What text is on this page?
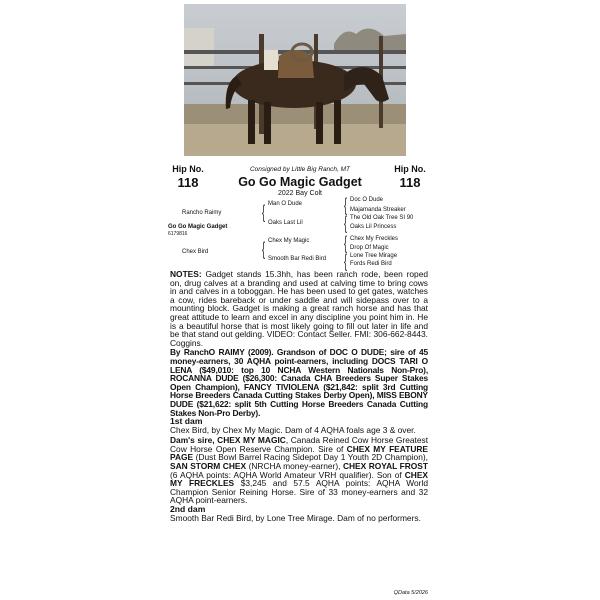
Hip No.
118
Consigned by Little Big Ranch, MT
Go Go Magic Gadget
2022 Bay Colt
Hip No.
118
Rancho Raimy
Go Go Magic Gadget
6179816
Chex Bird
{ Man O Dude
Oaks Last Lil
{ Chex My Magic
Smooth Bar Redi Bird
{ Doc O Dude
Majamanda Streaker
{ The Old Oak Tree SI 90
Oaks Lil Princess
{ Chex My Freckles
Drop Of Magic
{ Lone Tree Mirage
Fords Redi Bird

NOTES: Gadget stands 15.3hh, has been ranch rode, been roped on, drug calves at a branding and used at calving time to bring cows in and calves in a toboggan. He has been used to get gates, watches a cow, rides bareback or under saddle and will sidepass over to a mounting block. Gadget is making a great ranch horse and has that great attitude to learn and excel in any discipline you point him in. He is a beautiful horse that is most likely going to fill out later in life and be that stand out gelding. VIDEO: Contact Seller. FMI: 306-662-8443. Coggins.

By RanchO RAIMY (2009). Grandson of DOC O DUDE; sire of 45 money-earners, 30 AQHA point-earners, including DOCS TARI O LENA ($49,010: top 10 NCHA Western Nationals Non-Pro), ROCANNA DUDE ($26,300: Canada CHA Breeders Super Stakes Open Champion), FANCY TIVIOLENA ($21,842: split 3rd Cutting Horse Breeders Canada Cutting Stakes Derby Open), MISS EBONY DUDE ($21,622: split 5th Cutting Horse Breeders Canada Cutting Stakes Non-Pro Derby).

1st dam

Chex Bird, by Chex My Magic. Dam of 4 AQHA foals age 3 & over.

Dam's sire, CHEX MY MAGIC, Canada Reined Cow Horse Greatest Cow Horse Open Reserve Champion. Sire of CHEX MY FEATURE PAGE (Dust Bowl Barrel Racing Sidepot Day 1 Youth 2D Champion), SAN STORM CHEX (NRCHA money-earner), CHEX ROYAL FROST (6 AQHA points: AQHA World Amateur VRH qualifier). Son of CHEX MY FRECKLES $3,245 and 57.5 AQHA points: AQHA World Champion Senior Reining Horse. Sire of 33 money-earners and 32 AQHA point-earners.

2nd dam

Smooth Bar Redi Bird, by Lone Tree Mirage. Dam of no performers.

QData 5/2026
